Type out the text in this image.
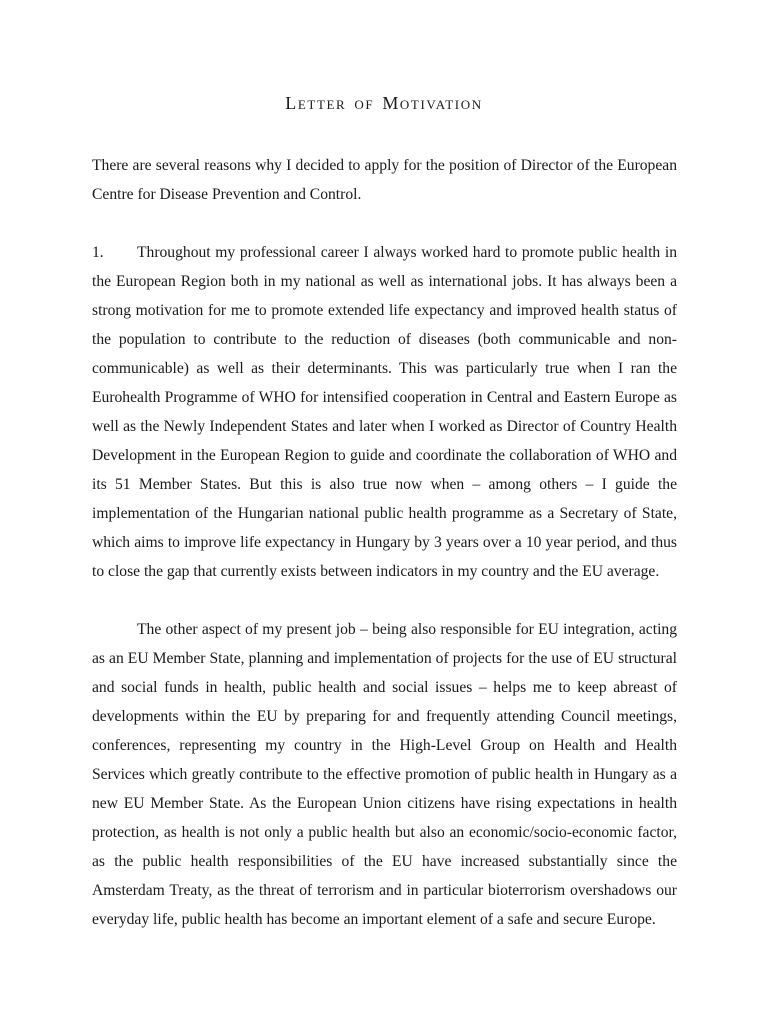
Letter of Motivation

There are several reasons why I decided to apply for the position of Director of the European Centre for Disease Prevention and Control.

1. Throughout my professional career I always worked hard to promote public health in the European Region both in my national as well as international jobs. It has always been a strong motivation for me to promote extended life expectancy and improved health status of the population to contribute to the reduction of diseases (both communicable and non-communicable) as well as their determinants. This was particularly true when I ran the Eurohealth Programme of WHO for intensified cooperation in Central and Eastern Europe as well as the Newly Independent States and later when I worked as Director of Country Health Development in the European Region to guide and coordinate the collaboration of WHO and its 51 Member States. But this is also true now when – among others – I guide the implementation of the Hungarian national public health programme as a Secretary of State, which aims to improve life expectancy in Hungary by 3 years over a 10 year period, and thus to close the gap that currently exists between indicators in my country and the EU average.

The other aspect of my present job – being also responsible for EU integration, acting as an EU Member State, planning and implementation of projects for the use of EU structural and social funds in health, public health and social issues – helps me to keep abreast of developments within the EU by preparing for and frequently attending Council meetings, conferences, representing my country in the High-Level Group on Health and Health Services which greatly contribute to the effective promotion of public health in Hungary as a new EU Member State. As the European Union citizens have rising expectations in health protection, as health is not only a public health but also an economic/socio-economic factor, as the public health responsibilities of the EU have increased substantially since the Amsterdam Treaty, as the threat of terrorism and in particular bioterrorism overshadows our everyday life, public health has become an important element of a safe and secure Europe.
